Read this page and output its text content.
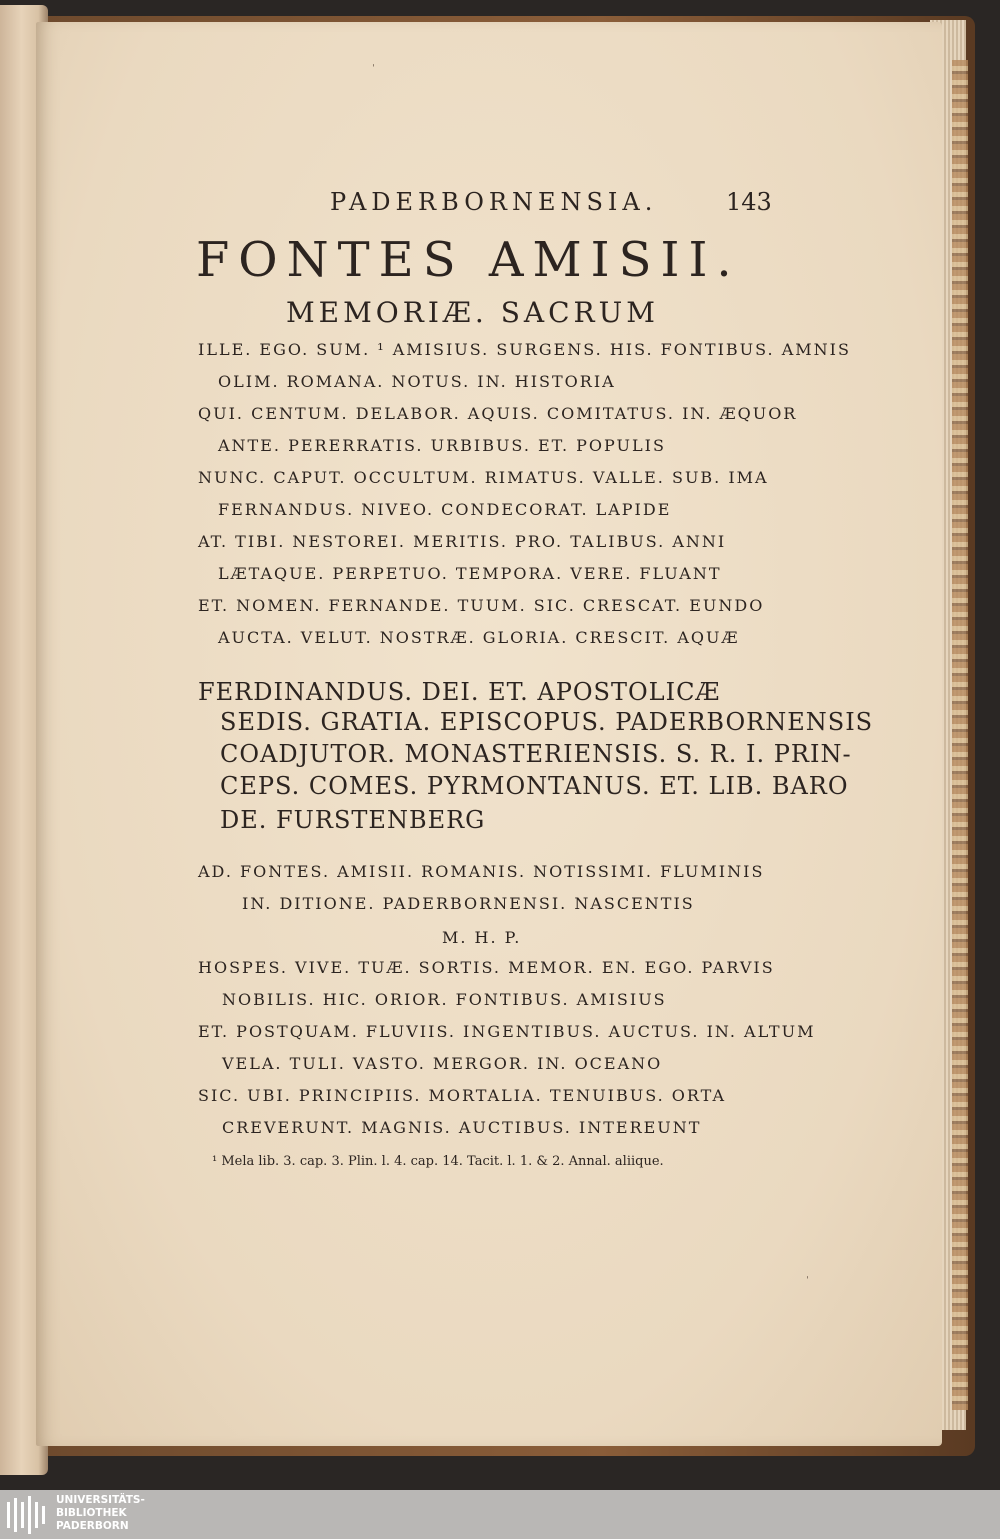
ˈ
ˈ
PADERBORNENSIA.	143
FONTES AMISII.
MEMORIÆ. SACRUM
ILLE. EGO. SUM. ¹ AMISIUS. SURGENS. HIS. FONTIBUS. AMNIS
OLIM. ROMANA. NOTUS. IN. HISTORIA
QUI. CENTUM. DELABOR. AQUIS. COMITATUS. IN. ÆQUOR
ANTE. PERERRATIS. URBIBUS. ET. POPULIS
NUNC. CAPUT. OCCULTUM. RIMATUS. VALLE. SUB. IMA
FERNANDUS. NIVEO. CONDECORAT. LAPIDE
AT. TIBI. NESTOREI. MERITIS. PRO. TALIBUS. ANNI
LÆTAQUE. PERPETUO. TEMPORA. VERE. FLUANT
ET. NOMEN. FERNANDE. TUUM. SIC. CRESCAT. EUNDO
AUCTA. VELUT. NOSTRÆ. GLORIA. CRESCIT. AQUÆ
FERDINANDUS. DEI. ET. APOSTOLICÆ
SEDIS. GRATIA. EPISCOPUS. PADERBORNENSIS
COADJUTOR. MONASTERIENSIS. S. R. I. PRIN-
CEPS. COMES. PYRMONTANUS. ET. LIB. BARO
DE. FURSTENBERG
AD. FONTES. AMISII. ROMANIS. NOTISSIMI. FLUMINIS
IN. DITIONE. PADERBORNENSI. NASCENTIS
M. H. P.
HOSPES. VIVE. TUÆ. SORTIS. MEMOR. EN. EGO. PARVIS
NOBILIS. HIC. ORIOR. FONTIBUS. AMISIUS
ET. POSTQUAM. FLUVIIS. INGENTIBUS. AUCTUS. IN. ALTUM
VELA. TULI. VASTO. MERGOR. IN. OCEANO
SIC. UBI. PRINCIPIIS. MORTALIA. TENUIBUS. ORTA
CREVERUNT. MAGNIS. AUCTIBUS. INTEREUNT
¹ Mela lib. 3. cap. 3. Plin. l. 4. cap. 14. Tacit. l. 1. & 2. Annal. aliique.
UNIVERSITÄTS-
BIBLIOTHEK
PADERBORN
